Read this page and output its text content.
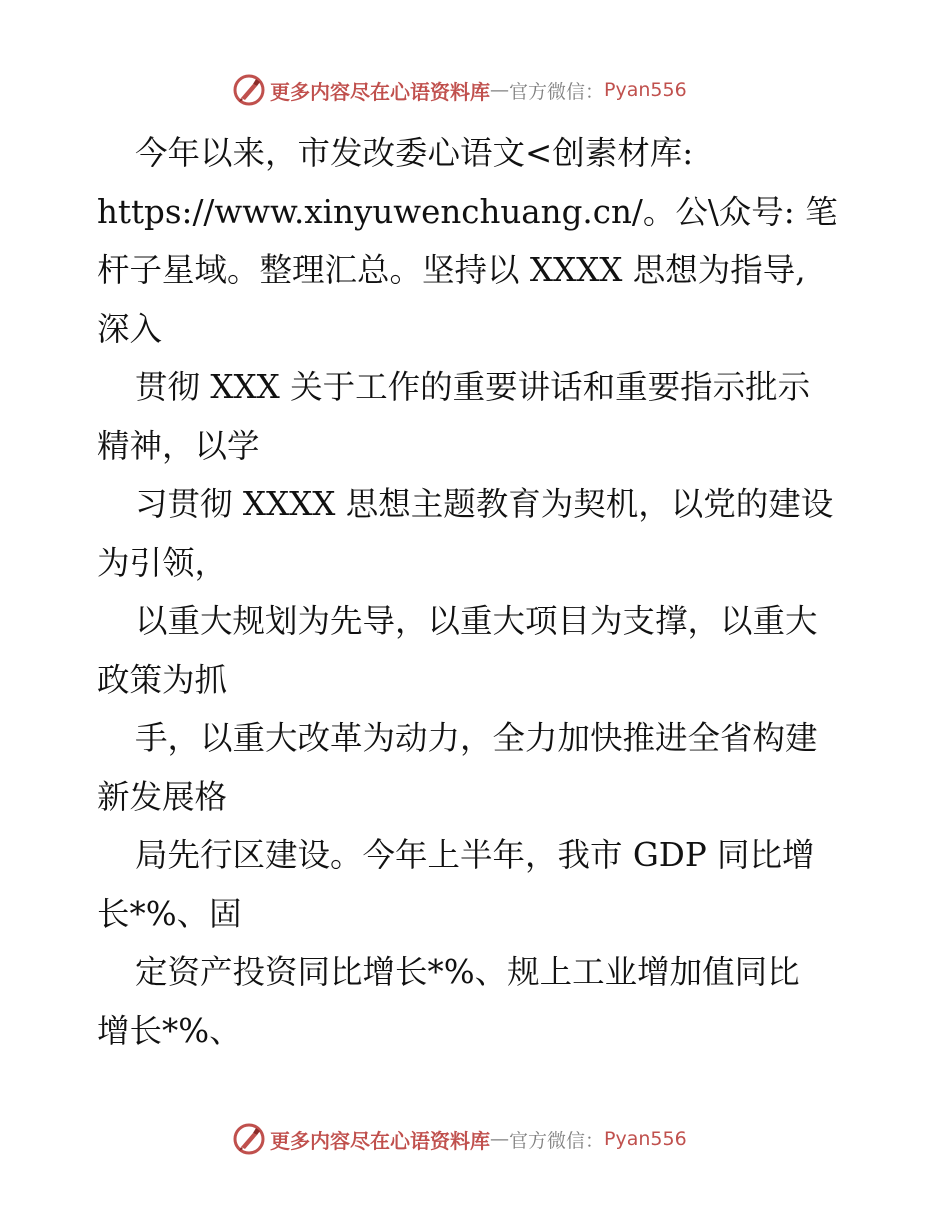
更多内容尽在心语资料库 — 官方微信： Pyan556
今年以来，市发改委心语文<创素材库:
https://www.xinyuwenchuang.cn/。公\众号: 笔
杆子星域。整理汇总。坚持以 XXXX 思想为指导,
深入
贯彻 XXX 关于工作的重要讲话和重要指示批示
精神，以学
习贯彻 XXXX 思想主题教育为契机，以党的建设
为引领，
以重大规划为先导，以重大项目为支撑，以重大
政策为抓
手，以重大改革为动力，全力加快推进全省构建
新发展格
局先行区建设。今年上半年，我市 GDP 同比增
长*%、固
定资产投资同比增长*%、规上工业增加值同比
增长*%、
更多内容尽在心语资料库 — 官方微信： Pyan556
